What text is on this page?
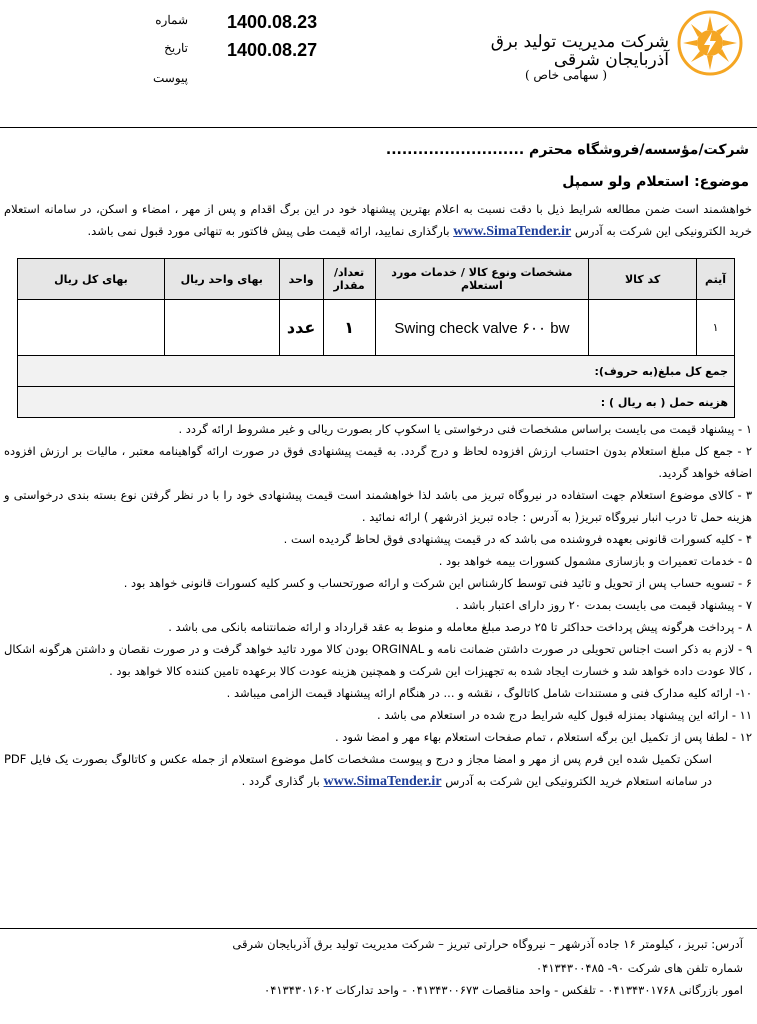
شرکت مدیریت تولید برق
آذربایجان شرقی
( سهامی خاص )
شماره 1400.08.23
تاریخ 1400.08.27
پیوست
شرکت/مؤسسه/فروشگاه محترم ..........................
موضوع: استعلام ولو سمپل
خواهشمند است ضمن مطالعه شرایط ذیل با دقت نسبت به اعلام بهترین پیشنهاد خود در این برگ اقدام و پس از مهر ، امضاء و اسکن، در سامانه استعلام خرید الکترونیکی این شرکت به آدرس www.SimaTender.ir بارگذاری نمایید، ارائه قیمت طی پیش فاکتور به تنهائی مورد قبول نمی باشد.
آیتم	کد کالا	مشخصات ونوع کالا / خدمات مورد استعلام	تعداد/ مقدار	واحد	بهای واحد ریال	بهای کل ریال
۱		Swing check valve ۶۰۰ bw	۱	عدد		
جمع کل مبلغ(به حروف):						
هزینه حمل ( به ریال ) :						

۱ - پیشنهاد قیمت می بایست براساس مشخصات فنی درخواستی یا اسکوپ کار بصورت ریالی و غیر مشروط ارائه گردد .

۲ - جمع کل مبلغ استعلام بدون احتساب ارزش افزوده لحاظ و درج گردد. به قیمت پیشنهادی فوق در صورت ارائه گواهینامه معتبر ، مالیات بر ارزش افزوده اضافه خواهد گردید.

۳ - کالای موضوع استعلام جهت استفاده در نیروگاه تبریز می باشد لذا خواهشمند است قیمت پیشنهادی خود را با در نظر گرفتن نوع بسته بندی درخواستی و هزینه حمل تا درب انبار نیروگاه تبریز( به آدرس : جاده تبریز اذرشهر ) ارائه نمائید .

۴ - کلیه کسورات قانونی بعهده فروشنده می باشد که در قیمت پیشنهادی فوق لحاظ گردیده است .

۵ - خدمات تعمیرات و بازسازی مشمول کسورات بیمه خواهد بود .

۶ - تسویه حساب پس از تحویل و تائید فنی توسط کارشناس این شرکت و ارائه صورتحساب و کسر کلیه کسورات قانونی خواهد بود .

۷ - پیشنهاد قیمت می بایست بمدت ۲۰ روز دارای اعتبار باشد .

۸ - پرداخت هرگونه پیش پرداخت حداکثر تا ۲۵ درصد مبلغ معامله و منوط به عقد قرارداد و ارائه ضمانتنامه بانکی می باشد .

۹ - لازم به ذکر است اجناس تحویلی در صورت داشتن ضمانت نامه و ORGINAL بودن کالا مورد تائید خواهد گرفت و در صورت نقصان و داشتن هرگونه اشکال ، کالا عودت داده خواهد شد و خسارت ایجاد شده به تجهیزات این شرکت و همچنین هزینه عودت کالا برعهده تامین کننده کالا خواهد بود .

۱۰- ارائه کلیه مدارک فنی و مستندات شامل کاتالوگ ، نقشه و ... در هنگام ارائه پیشنهاد قیمت الزامی میباشد .

۱۱ - ارائه این پیشنهاد بمنزله قبول کلیه شرایط درج شده در استعلام می باشد .

۱۲ - لطفا پس از تکمیل این برگه استعلام ، تمام صفحات استعلام بهاء مهر و امضا شود .

اسکن تکمیل شده این فرم پس از مهر و امضا مجاز و درج و پیوست مشخصات کامل موضوع استعلام از جمله عکس و کاتالوگ بصورت یک فایل PDF در سامانه استعلام خرید الکترونیکی این شرکت به آدرس www.SimaTender.ir بار گذاری گردد .

آدرس: تبریز ، کیلومتر ۱۶ جاده آذرشهر – نیروگاه حرارتی تبریز – شرکت مدیریت تولید برق آذربایجان شرقی
شماره تلفن های شرکت ۹۰- ۰۴۱۳۴۳۰۰۴۸۵
امور بازرگانی ۰۴۱۳۴۳۰۱۷۶۸ - تلفکس - واحد مناقصات ۰۴۱۳۴۳۰۰۶۷۳ - واحد تدارکات ۰۴۱۳۴۳۰۱۶۰۲
